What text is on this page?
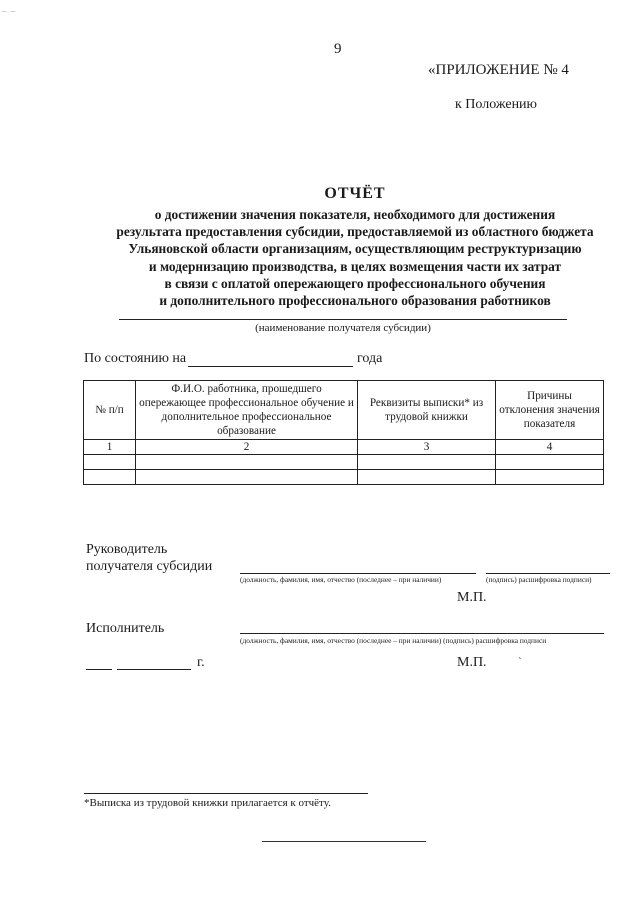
‒ ‒
9
«ПРИЛОЖЕНИЕ № 4
к Положению
ОТЧЁТ
о достижении значения показателя, необходимого для достижения
результата предоставления субсидии, предоставляемой из областного бюджета
Ульяновской области организациям, осуществляющим реструктуризацию
и модернизацию производства, в целях возмещения части их затрат
в связи с оплатой опережающего профессионального обучения
и дополнительного профессионального образования работников
(наименование получателя субсидии)
По состоянию на	года
№ п/п	Ф.И.О. работника, прошедшего опережающее профессиональное обучение и дополнительное профессиональное образование	Реквизиты выписки* из трудовой книжки	Причины отклонения значения показателя
1	2	3	4

Руководитель
получателя субсидии
(должность, фамилия, имя, отчество (последнее – при наличии)	(подпись) расшифровка подписи)
М.П.
Исполнитель
(должность, фамилия, имя, отчество (последнее – при наличии) (подпись) расшифровка подписи
г.	М.П.	ˋ
*Выписка из трудовой книжки прилагается к отчёту.
